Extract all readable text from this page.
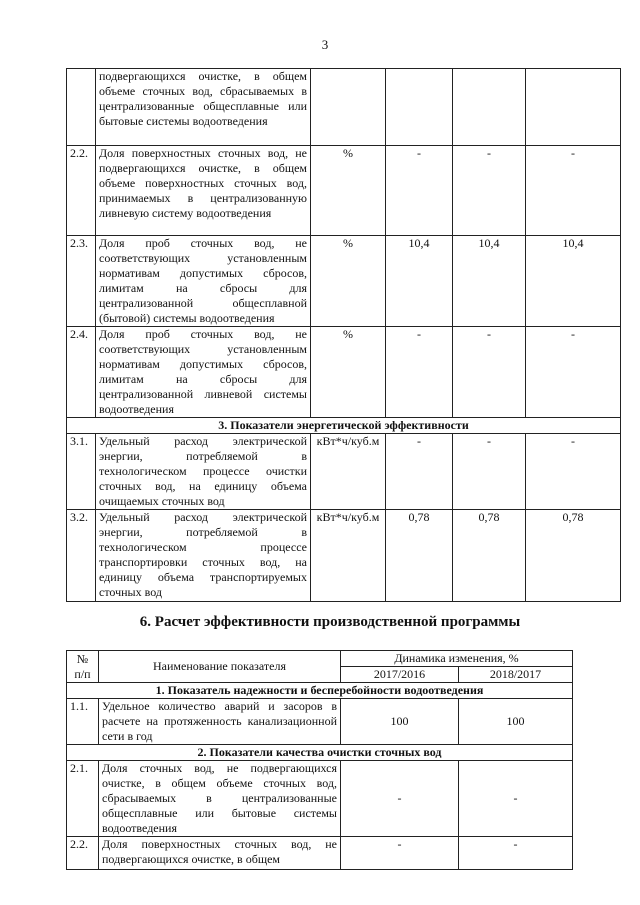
3
	подвергающихся очистке, в общем объеме сточных вод, сбрасываемых в централизованные общесплавные или бытовые системы водоотведения				
2.2.	Доля поверхностных сточных вод, не подвергающихся очистке, в общем объеме поверхностных сточных вод, принимаемых в централизованную ливневую систему водоотведения	%	-	-	-
2.3.	Доля проб сточных вод, не соответствующих установленным нормативам допустимых сбросов, лимитам на сбросы для централизованной общесплавной (бытовой) системы водоотведения	%	10,4	10,4	10,4
2.4.	Доля проб сточных вод, не соответствующих установленным нормативам допустимых сбросов, лимитам на сбросы для централизованной ливневой системы водоотведения	%	-	-	-
3. Показатели энергетической эффективности					
3.1.	Удельный расход электрической энергии, потребляемой в технологическом процессе очистки сточных вод, на единицу объема очищаемых сточных вод	кВт*ч/куб.м	-	-	-
3.2.	Удельный расход электрической энергии, потребляемой в технологическом процессе транспортировки сточных вод, на единицу объема транспортируемых сточных вод	кВт*ч/куб.м	0,78	0,78	0,78
6. Расчет эффективности производственной программы
№
п/п	Наименование показателя	Динамика изменения, %	
		2017/2016	2018/2017
1. Показатель надежности и бесперебойности водоотведения			
1.1.	Удельное количество аварий и засоров в расчете на протяженность канализационной сети в год	100	100
2. Показатели качества очистки сточных вод			
2.1.	Доля сточных вод, не подвергающихся очистке, в общем объеме сточных вод, сбрасываемых в централизованные общесплавные или бытовые системы водоотведения	-	-
2.2.	Доля поверхностных сточных вод, не подвергающихся очистке, в общем	-	-
